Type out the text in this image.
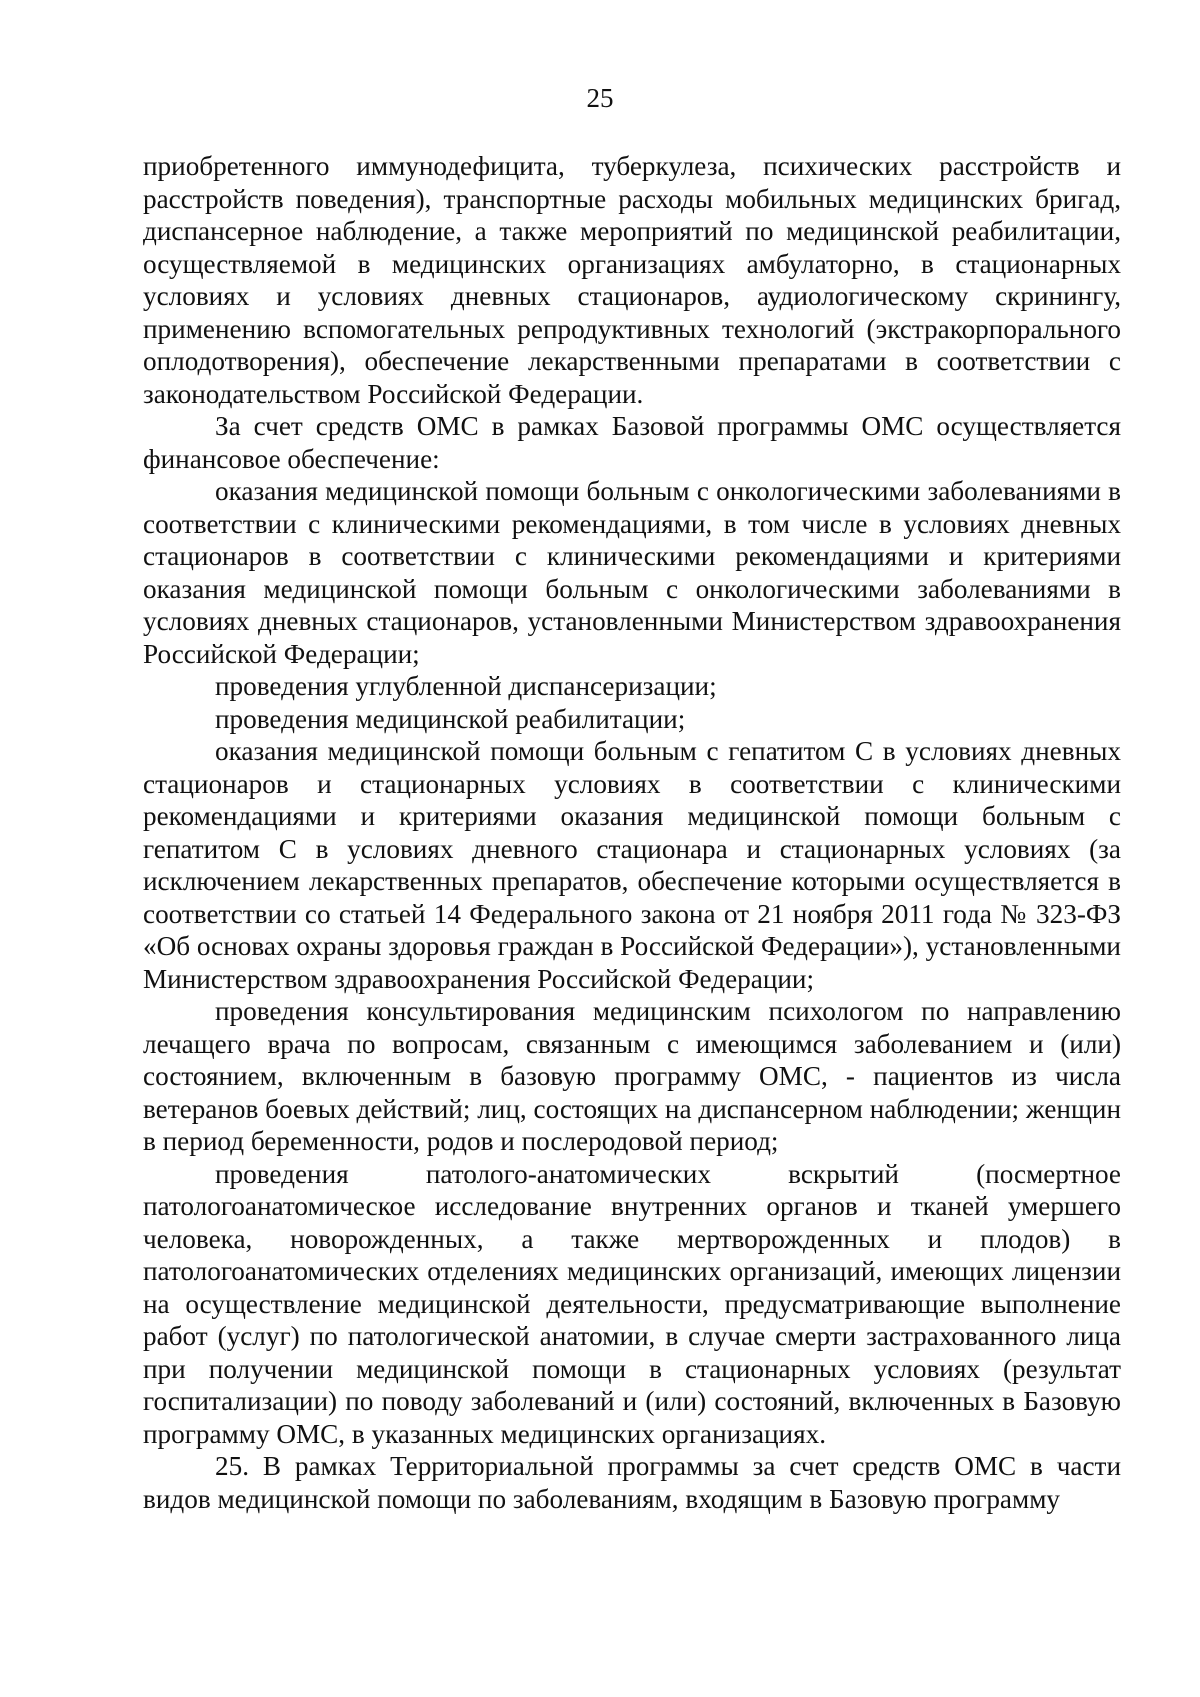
25

приобретенного иммунодефицита, туберкулеза, психических расстройств и расстройств поведения), транспортные расходы мобильных медицинских бригад, диспансерное наблюдение, а также мероприятий по медицинской реабилитации, осуществляемой в медицинских организациях амбулаторно, в стационарных условиях и условиях дневных стационаров, аудиологическому скринингу, применению вспомогательных репродуктивных технологий (экстракорпорального оплодотворения), обеспечение лекарственными препаратами в соответствии с законодательством Российской Федерации.

За счет средств ОМС в рамках Базовой программы ОМС осуществляется финансовое обеспечение:

оказания медицинской помощи больным с онкологическими заболеваниями в соответствии с клиническими рекомендациями, в том числе в условиях дневных стационаров в соответствии с клиническими рекомендациями и критериями оказания медицинской помощи больным с онкологическими заболеваниями в условиях дневных стационаров, установленными Министерством здравоохранения Российской Федерации;

проведения углубленной диспансеризации;

проведения медицинской реабилитации;

оказания медицинской помощи больным с гепатитом С в условиях дневных стационаров и стационарных условиях в соответствии с клиническими рекомендациями и критериями оказания медицинской помощи больным с гепатитом С в условиях дневного стационара и стационарных условиях (за исключением лекарственных препаратов, обеспечение которыми осуществляется в соответствии со статьей 14 Федерального закона от 21 ноября 2011 года № 323-ФЗ «Об основах охраны здоровья граждан в Российской Федерации»), установленными Министерством здравоохранения Российской Федерации;

проведения консультирования медицинским психологом по направлению лечащего врача по вопросам, связанным с имеющимся заболеванием и (или) состоянием, включенным в базовую программу ОМС, - пациентов из числа ветеранов боевых действий; лиц, состоящих на диспансерном наблюдении; женщин в период беременности, родов и послеродовой период;

проведения патолого-анатомических вскрытий (посмертное патологоанатомическое исследование внутренних органов и тканей умершего человека, новорожденных, а также мертворожденных и плодов) в патологоанатомических отделениях медицинских организаций, имеющих лицензии на осуществление медицинской деятельности, предусматривающие выполнение работ (услуг) по патологической анатомии, в случае смерти застрахованного лица при получении медицинской помощи в стационарных условиях (результат госпитализации) по поводу заболеваний и (или) состояний, включенных в Базовую программу ОМС, в указанных медицинских организациях.

25. В рамках Территориальной программы за счет средств ОМС в части видов медицинской помощи по заболеваниям, входящим в Базовую программу
